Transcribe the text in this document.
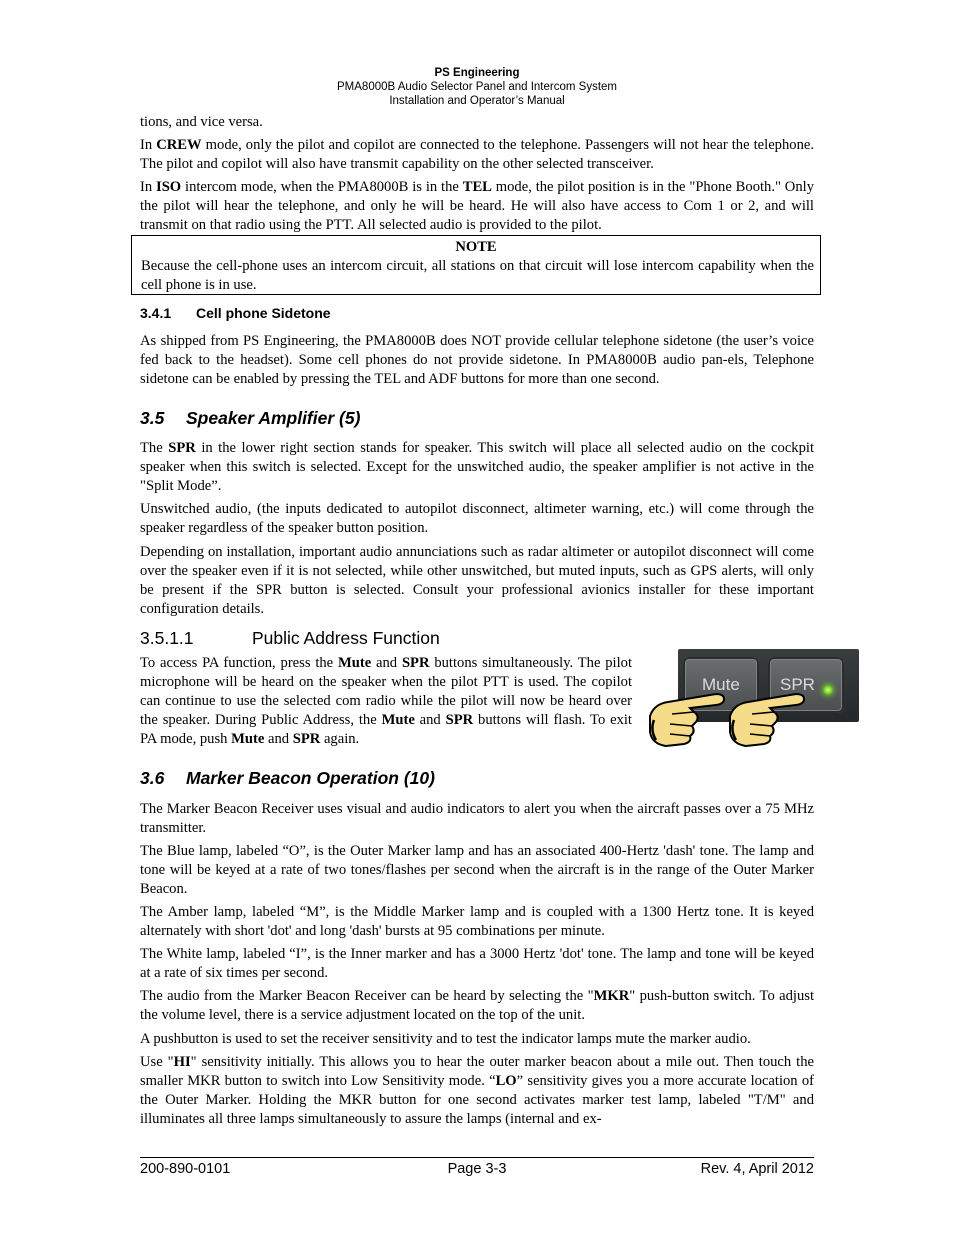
PS Engineering
PMA8000B Audio Selector Panel and Intercom System
Installation and Operator’s Manual

tions, and vice versa.

In CREW mode, only the pilot and copilot are connected to the telephone. Passengers will not hear the telephone. The pilot and copilot will also have transmit capability on the other selected transceiver.

In ISO intercom mode, when the PMA8000B is in the TEL mode, the pilot position is in the "Phone Booth." Only the pilot will hear the telephone, and only he will be heard. He will also have access to Com 1 or 2, and will transmit on that radio using the PTT. All selected audio is provided to the pilot.

NOTE

Because the cell-phone uses an intercom circuit, all stations on that circuit will lose intercom capability when the cell phone is in use.

3.4.1 Cell phone Sidetone

As shipped from PS Engineering, the PMA8000B does NOT provide cellular telephone sidetone (the user’s voice fed back to the headset). Some cell phones do not provide sidetone. In PMA8000B audio pan-els, Telephone sidetone can be enabled by pressing the TEL and ADF buttons for more than one second.

3.5 Speaker Amplifier (5)

The SPR in the lower right section stands for speaker. This switch will place all selected audio on the cockpit speaker when this switch is selected. Except for the unswitched audio, the speaker amplifier is not active in the "Split Mode”.

Unswitched audio, (the inputs dedicated to autopilot disconnect, altimeter warning, etc.) will come through the speaker regardless of the speaker button position.

Depending on installation, important audio annunciations such as radar altimeter or autopilot disconnect will come over the speaker even if it is not selected, while other unswitched, but muted inputs, such as GPS alerts, will only be present if the SPR button is selected. Consult your professional avionics installer for these important configuration details.

3.5.1.1	Public Address Function

To access PA function, press the Mute and SPR buttons simultaneously. The pilot microphone will be heard on the speaker when the pilot PTT is used. The copilot can continue to use the selected com radio while the pilot will now be heard over the speaker. During Public Address, the Mute and SPR buttons will flash. To exit PA mode, push Mute and SPR again.

Mute SPR
3.6 Marker Beacon Operation (10)

The Marker Beacon Receiver uses visual and audio indicators to alert you when the aircraft passes over a 75 MHz transmitter.

The Blue lamp, labeled “O”, is the Outer Marker lamp and has an associated 400-Hertz 'dash' tone. The lamp and tone will be keyed at a rate of two tones/flashes per second when the aircraft is in the range of the Outer Marker Beacon.

The Amber lamp, labeled “M”, is the Middle Marker lamp and is coupled with a 1300 Hertz tone. It is keyed alternately with short 'dot' and long 'dash' bursts at 95 combinations per minute.

The White lamp, labeled “I”, is the Inner marker and has a 3000 Hertz 'dot' tone. The lamp and tone will be keyed at a rate of six times per second.

The audio from the Marker Beacon Receiver can be heard by selecting the "MKR" push-button switch. To adjust the volume level, there is a service adjustment located on the top of the unit.

A pushbutton is used to set the receiver sensitivity and to test the indicator lamps mute the marker audio.

Use "HI" sensitivity initially. This allows you to hear the outer marker beacon about a mile out. Then touch the smaller MKR button to switch into Low Sensitivity mode. “LO” sensitivity gives you a more accurate location of the Outer Marker. Holding the MKR button for one second activates marker test lamp, labeled "T/M" and illuminates all three lamps simultaneously to assure the lamps (internal and ex-

200-890-0101	Page 3-3	Rev. 4, April 2012
